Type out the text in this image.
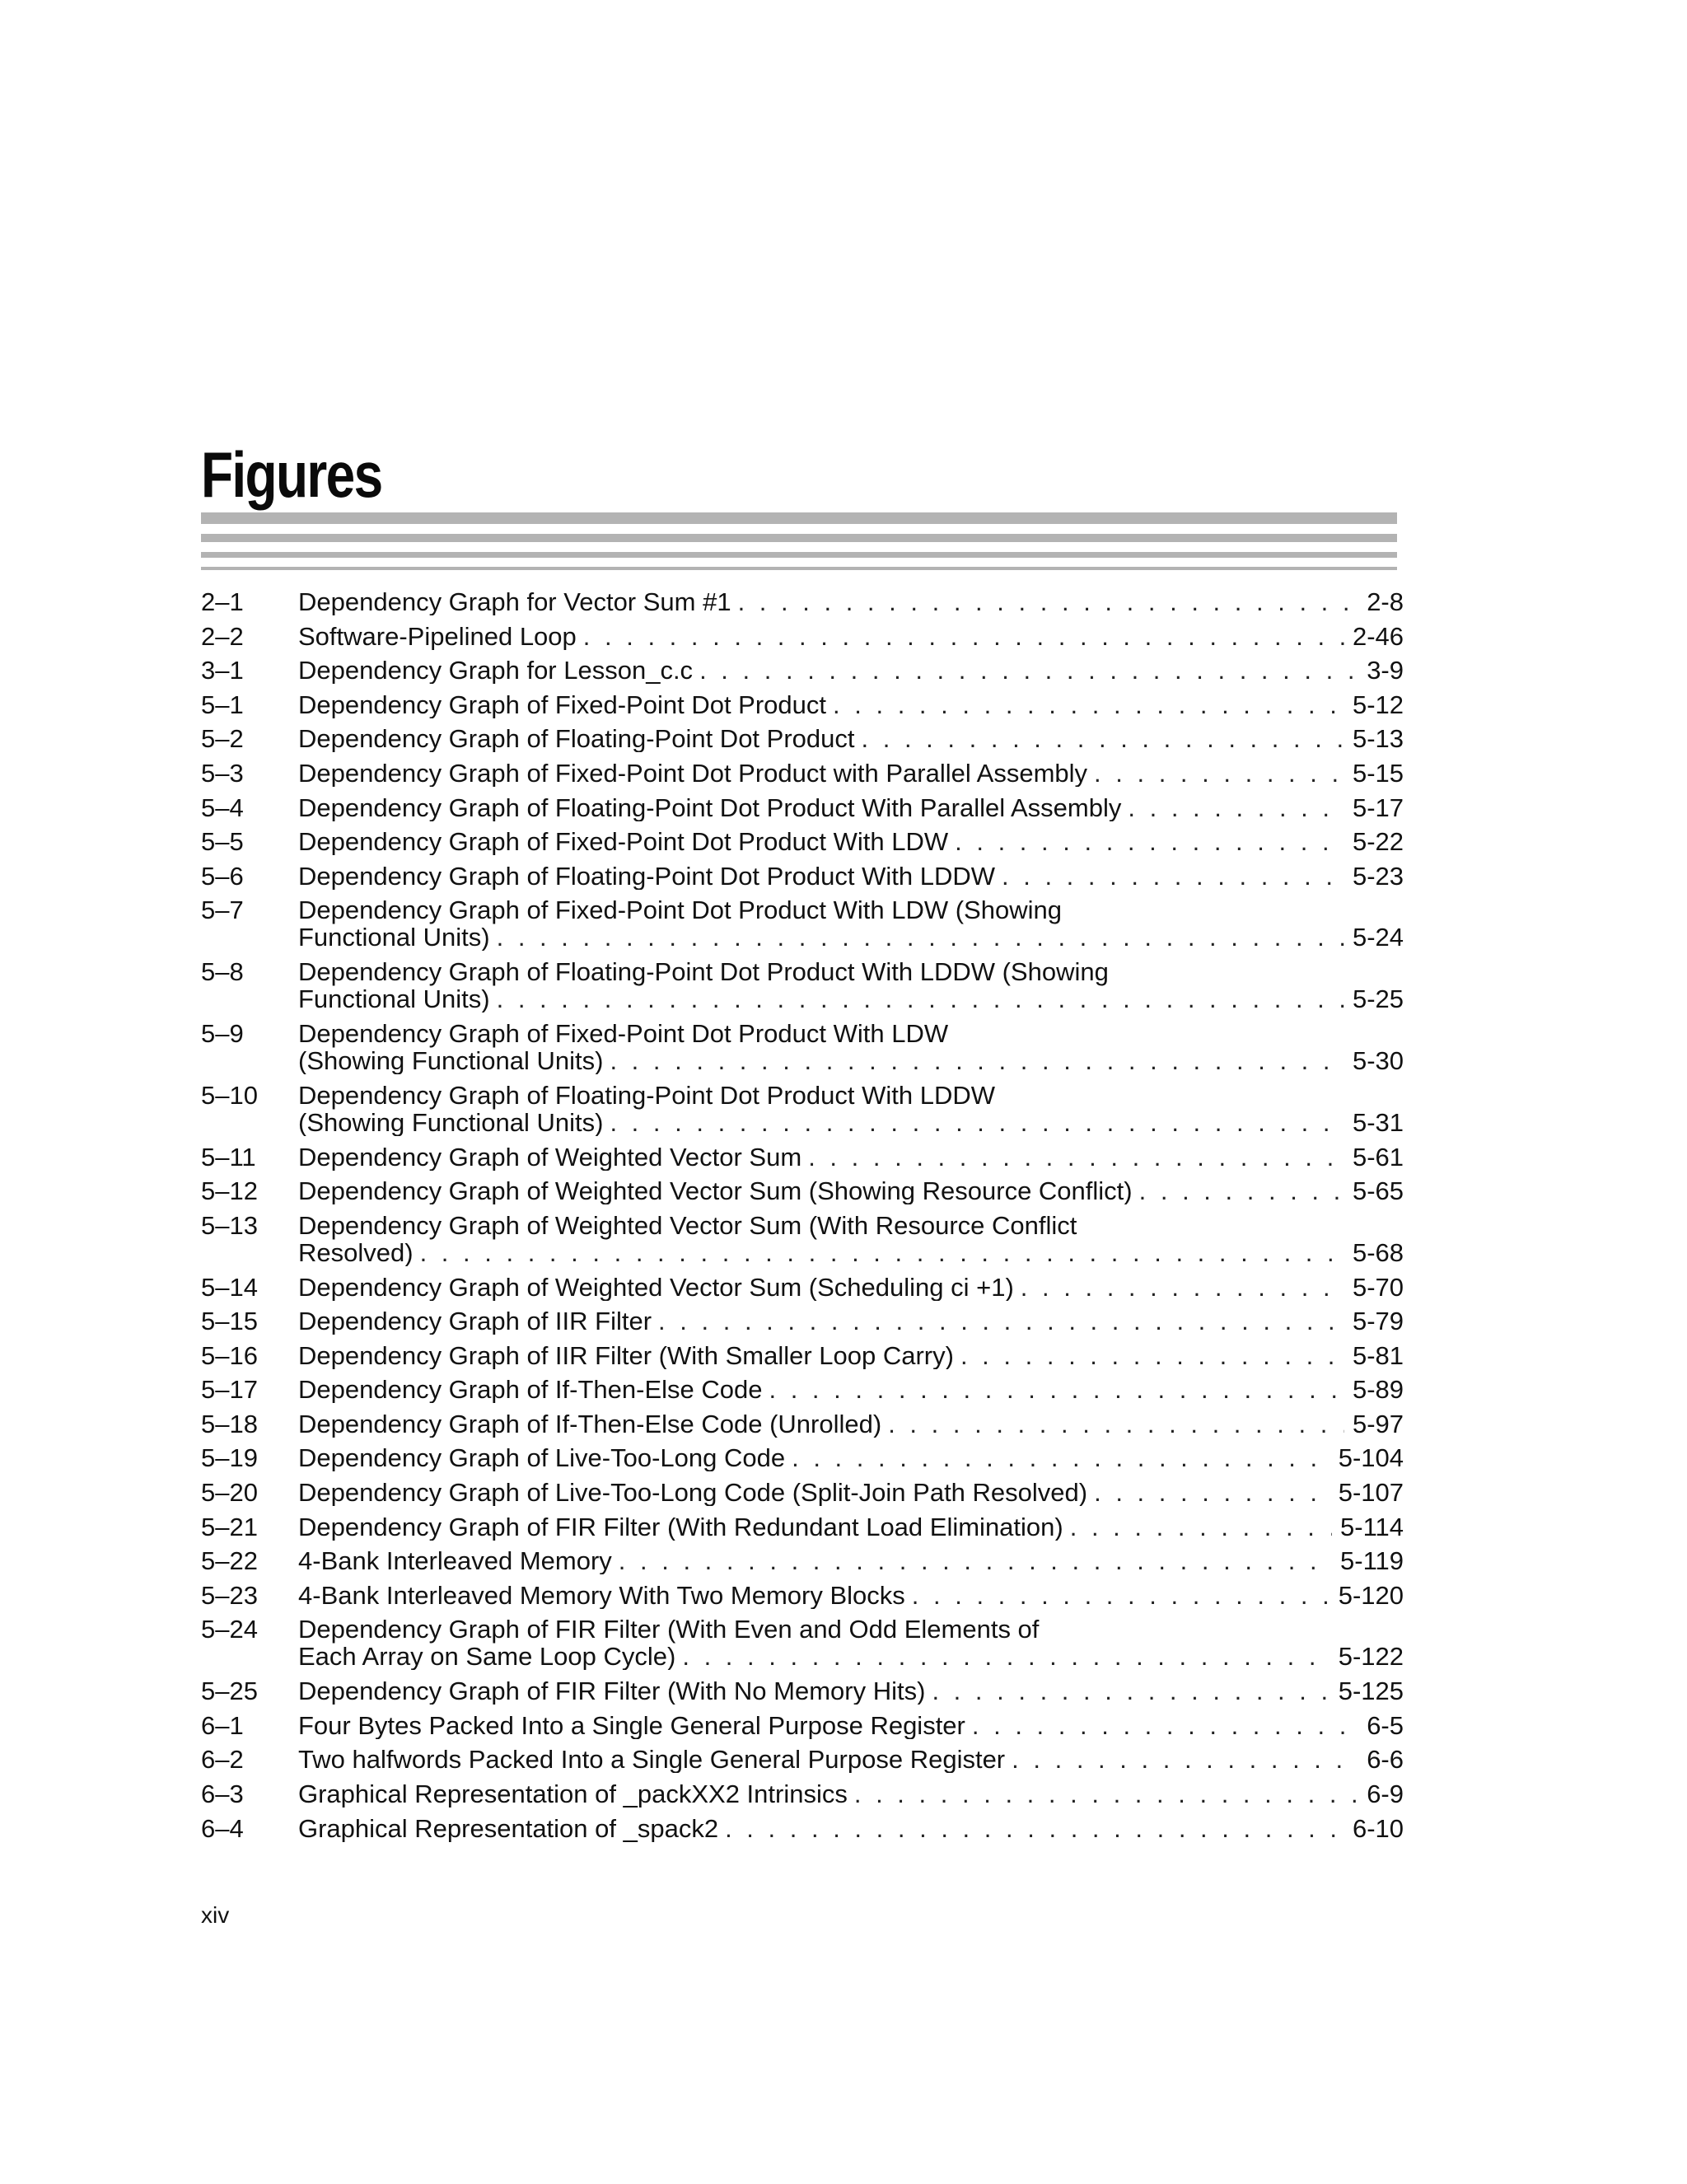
Figures
2–1	Dependency Graph for Vector Sum #1 . . .	2-8
2–2	Software-Pipelined Loop . . .	2-46
3–1	Dependency Graph for Lesson_c.c . . .	3-9
5–1	Dependency Graph of Fixed-Point Dot Product . . .	5-12
5–2	Dependency Graph of Floating-Point Dot Product . . .	5-13
5–3	Dependency Graph of Fixed-Point Dot Product with Parallel Assembly . . .	5-15
5–4	Dependency Graph of Floating-Point Dot Product With Parallel Assembly . . .	5-17
5–5	Dependency Graph of Fixed-Point Dot Product With LDW . . .	5-22
5–6	Dependency Graph of Floating-Point Dot Product With LDDW . . .	5-23
5–7	Dependency Graph of Fixed-Point Dot Product With LDW (Showing
Functional Units) . . .	5-24
5–8	Dependency Graph of Floating-Point Dot Product With LDDW (Showing
Functional Units) . . .	5-25
5–9	Dependency Graph of Fixed-Point Dot Product With LDW
(Showing Functional Units) . . .	5-30
5–10	Dependency Graph of Floating-Point Dot Product With LDDW
(Showing Functional Units) . . .	5-31
5–11	Dependency Graph of Weighted Vector Sum . . .	5-61
5–12	Dependency Graph of Weighted Vector Sum (Showing Resource Conflict) . . .	5-65
5–13	Dependency Graph of Weighted Vector Sum (With Resource Conflict
Resolved) . . .	5-68
5–14	Dependency Graph of Weighted Vector Sum (Scheduling ci +1) . . .	5-70
5–15	Dependency Graph of IIR Filter . . .	5-79
5–16	Dependency Graph of IIR Filter (With Smaller Loop Carry) . . .	5-81
5–17	Dependency Graph of If-Then-Else Code . . .	5-89
5–18	Dependency Graph of If-Then-Else Code (Unrolled) . . .	5-97
5–19	Dependency Graph of Live-Too-Long Code . . .	5-104
5–20	Dependency Graph of Live-Too-Long Code (Split-Join Path Resolved) . . .	5-107
5–21	Dependency Graph of FIR Filter (With Redundant Load Elimination) . . .	5-114
5–22	4-Bank Interleaved Memory . . .	5-119
5–23	4-Bank Interleaved Memory With Two Memory Blocks . . .	5-120
5–24	Dependency Graph of FIR Filter (With Even and Odd Elements of
Each Array on Same Loop Cycle) . . .	5-122
5–25	Dependency Graph of FIR Filter (With No Memory Hits) . . .	5-125
6–1	Four Bytes Packed Into a Single General Purpose Register . . .	6-5
6–2	Two halfwords Packed Into a Single General Purpose Register . . .	6-6
6–3	Graphical Representation of _packXX2 Intrinsics . . .	6-9
6–4	Graphical Representation of _spack2 . . .	6-10
xiv
